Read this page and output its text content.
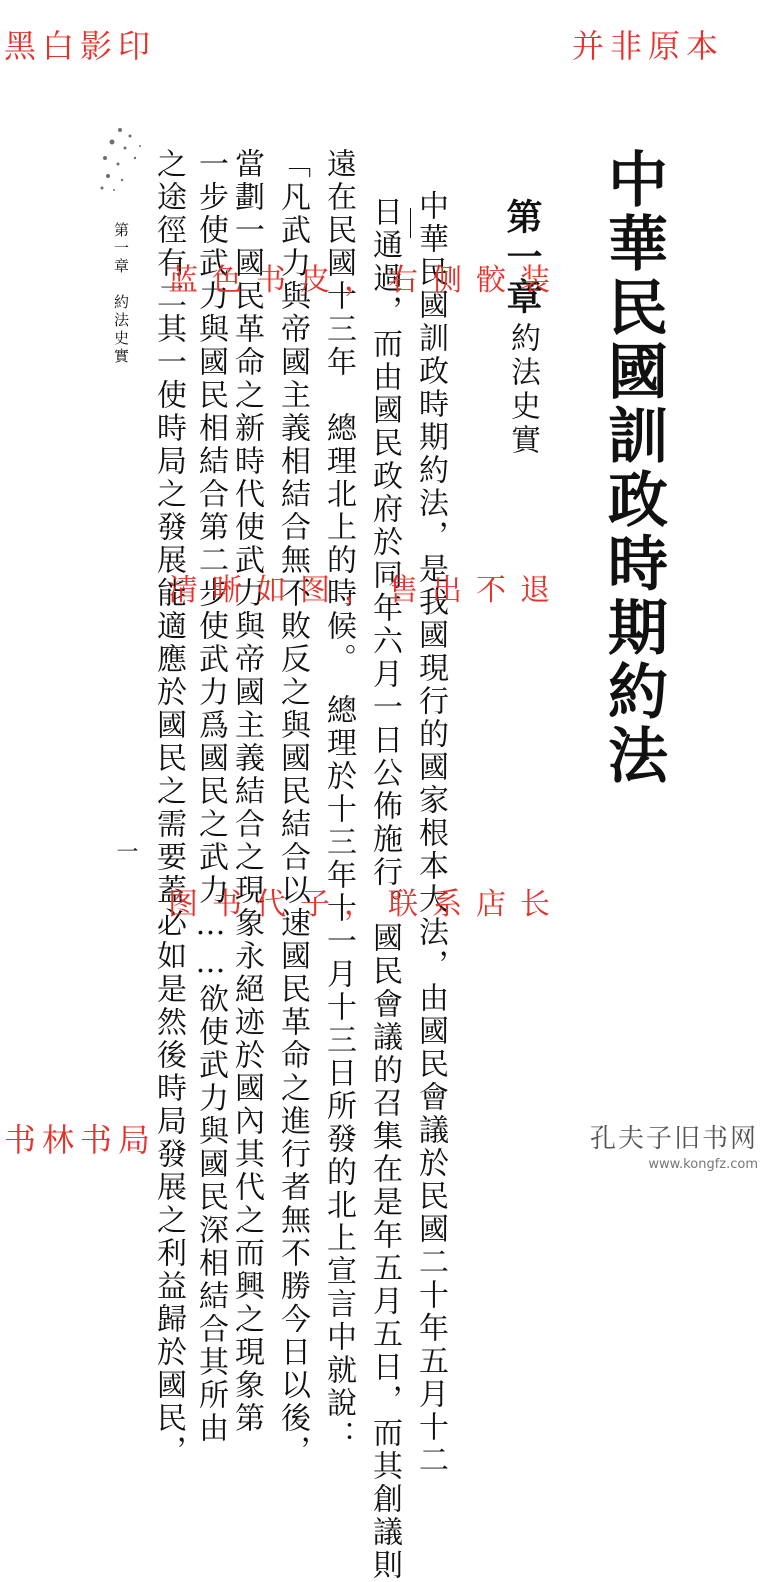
黑白影印	并非原本
中華民國訓政時期約法
第一章
約法史實
中華民國訓政時期約法，是我國現行的國家根本大法，由國民會議於民國二十年五月十二
日通過，而由國民政府於同年六月一日公佈施行。國民會議的召集在是年五月五日，而其創議則
遠在民國十三年　總理北上的時候。　總理於十三年十一月十三日所發的北上宣言中就說：
「凡武力與帝國主義相結合無不敗反之與國民結合以速國民革命之進行者無不勝今日以後，
當劃一國民革命之新時代使武力與帝國主義結合之現象永絕迹於國內其代之而興之現象第
一步使武力與國民相結合第二步使武力爲國民之武力……欲使武力與國民深相結合其所由
之途徑有二其一使時局之發展能適應於國民之需要蓋必如是然後時局發展之利益歸於國民，
第一章　約法史實
一
蓝色书皮，右侧骹装
清晰如图，售出不退
图书代子，联系店长
书林书局	孔夫子旧书网
www.kongfz.com
